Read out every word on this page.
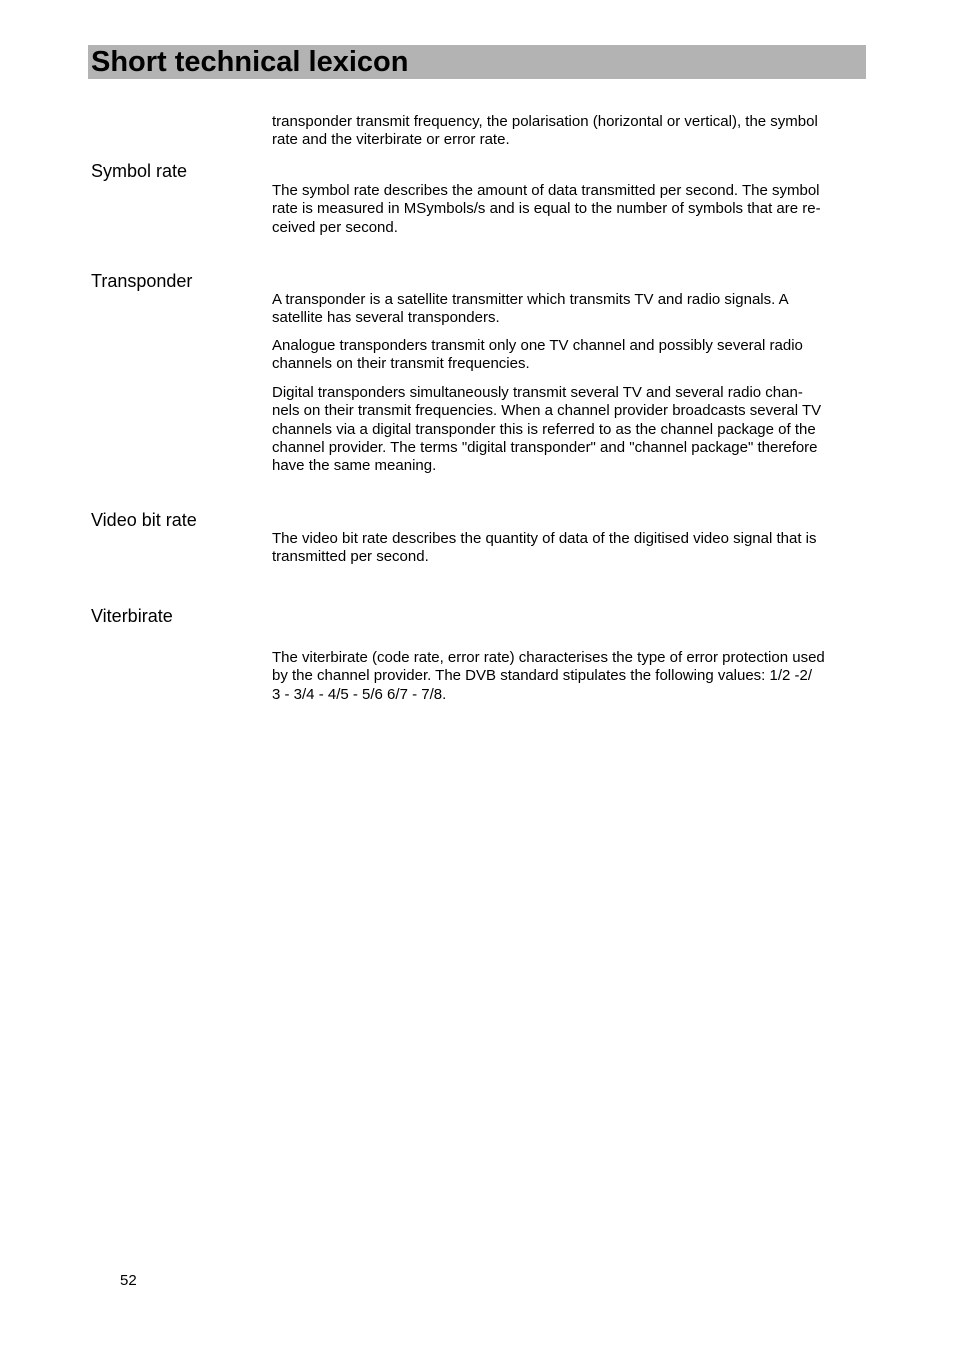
Short technical lexicon

transponder transmit frequency, the polarisation (horizontal or vertical), the symbol
rate and the viterbirate or error rate.

Symbol rate

The symbol rate describes the amount of data transmitted per second. The symbol
rate is measured in MSymbols/s and is equal to the number of symbols that are re-
ceived per second.

Transponder

A transponder is a satellite transmitter which transmits TV and radio signals. A
satellite has several transponders.

Analogue transponders transmit only one TV channel and possibly several radio
channels on their transmit frequencies.

Digital transponders simultaneously transmit several TV and several radio chan-
nels on their transmit frequencies. When a channel provider broadcasts several TV
channels via a digital transponder this is referred to as the channel package of the
channel provider. The terms "digital transponder" and "channel package" therefore
have the same meaning.

Video bit rate

The video bit rate describes the quantity of data of the digitised video signal that is
transmitted per second.

Viterbirate

The viterbirate (code rate, error rate) characterises the type of error protection used
by the channel provider. The DVB standard stipulates the following values: 1/2 -2/
3 - 3/4 - 4/5 - 5/6 6/7 - 7/8.

52
